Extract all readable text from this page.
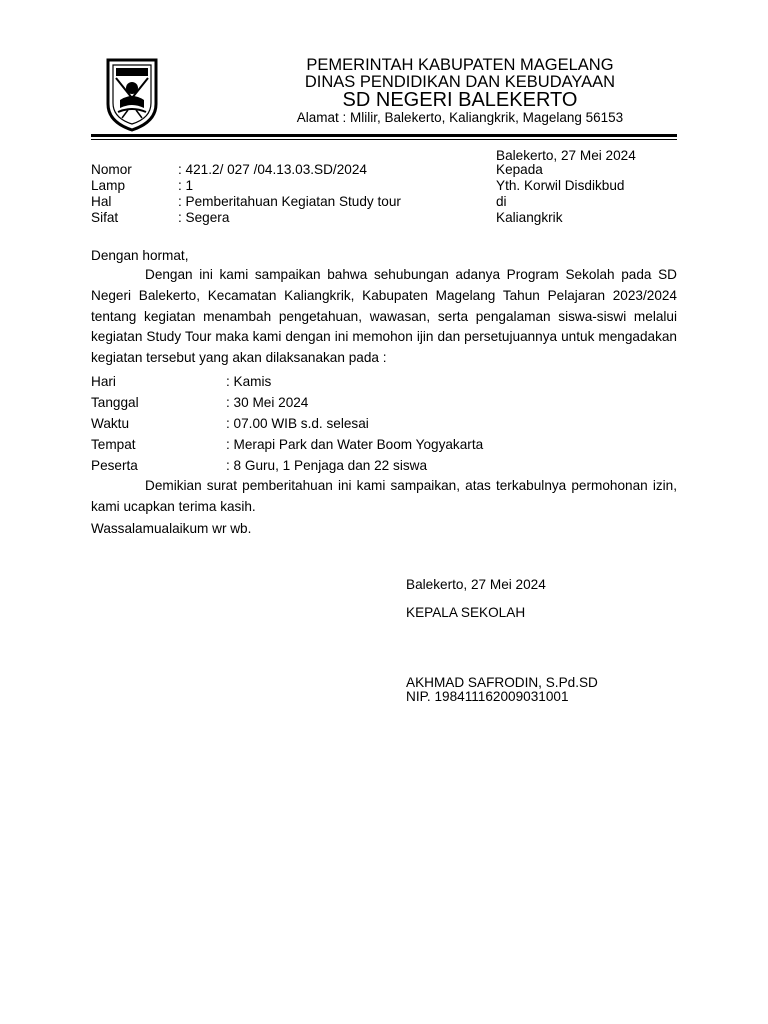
PEMERINTAH KABUPATEN MAGELANG
DINAS PENDIDIKAN DAN KEBUDAYAAN
SD NEGERI BALEKERTO
Alamat : Mlilir, Balekerto, Kaliangkrik, Magelang 56153
Nomor	: 421.2/ 027 /04.13.03.SD/2024
Lamp	: 1
Hal	: Pemberitahuan Kegiatan Study tour
Sifat	: Segera
Balekerto, 27 Mei 2024
Kepada
Yth. Korwil Disdikbud
di
Kaliangkrik
Dengan hormat,
Dengan ini kami sampaikan bahwa sehubungan adanya Program Sekolah pada SD Negeri Balekerto, Kecamatan Kaliangkrik, Kabupaten Magelang Tahun Pelajaran 2023/2024 tentang kegiatan menambah pengetahuan, wawasan, serta pengalaman siswa-siswi melalui kegiatan Study Tour maka kami dengan ini memohon ijin dan persetujuannya untuk mengadakan kegiatan tersebut yang akan dilaksanakan pada :
Hari	: Kamis
Tanggal	: 30 Mei 2024
Waktu	: 07.00 WIB s.d. selesai
Tempat	: Merapi Park dan Water Boom Yogyakarta
Peserta	: 8 Guru, 1 Penjaga dan 22 siswa
Demikian surat pemberitahuan ini kami sampaikan, atas terkabulnya permohonan izin, kami ucapkan terima kasih.
Wassalamualaikum wr wb.
Balekerto, 27 Mei 2024
KEPALA SEKOLAH
AKHMAD SAFRODIN, S.Pd.SD
NIP. 198411162009031001
